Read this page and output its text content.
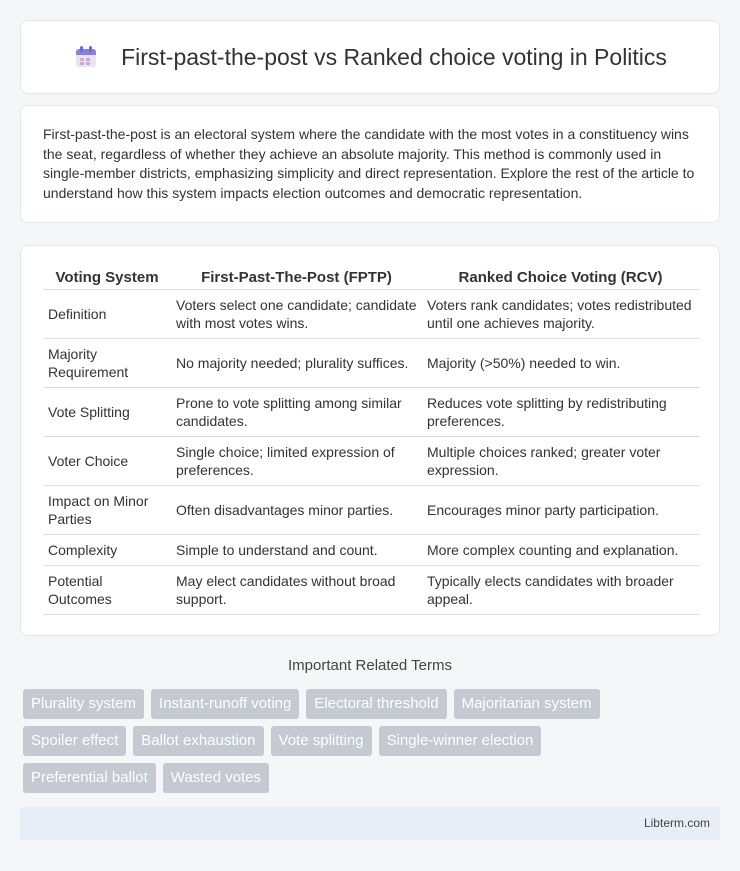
First-past-the-post vs Ranked choice voting in Politics

First-past-the-post is an electoral system where the candidate with the most votes in a constituency wins the seat, regardless of whether they achieve an absolute majority. This method is commonly used in single-member districts, emphasizing simplicity and direct representation. Explore the rest of the article to understand how this system impacts election outcomes and democratic representation.

Voting System	First-Past-The-Post (FPTP)	Ranked Choice Voting (RCV)
Definition	Voters select one candidate; candidate with most votes wins.	Voters rank candidates; votes redistributed until one achieves majority.
Majority Requirement	No majority needed; plurality suffices.	Majority (>50%) needed to win.
Vote Splitting	Prone to vote splitting among similar candidates.	Reduces vote splitting by redistributing preferences.
Voter Choice	Single choice; limited expression of preferences.	Multiple choices ranked; greater voter expression.
Impact on Minor Parties	Often disadvantages minor parties.	Encourages minor party participation.
Complexity	Simple to understand and count.	More complex counting and explanation.
Potential Outcomes	May elect candidates without broad support.	Typically elects candidates with broader appeal.
Important Related Terms
Plurality system	Instant-runoff voting	Electoral threshold	Majoritarian system
Spoiler effect	Ballot exhaustion	Vote splitting	Single-winner election
Preferential ballot	Wasted votes
Libterm.com
